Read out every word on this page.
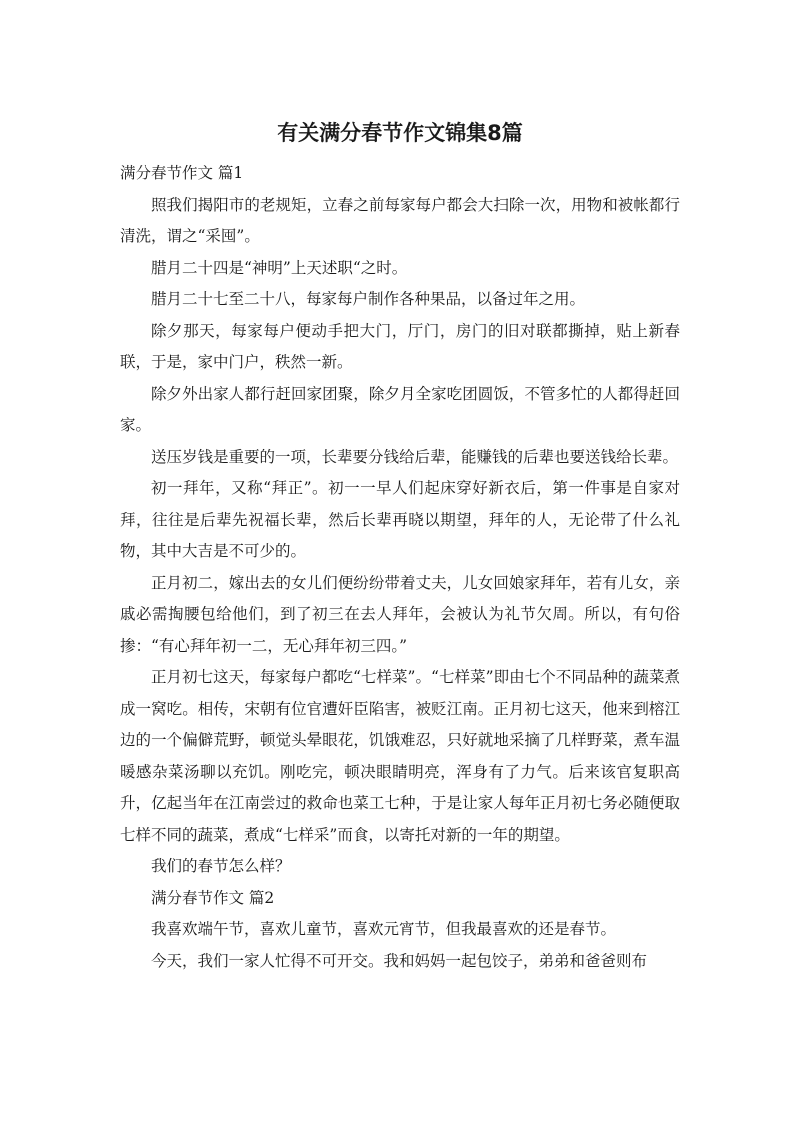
有关满分春节作文锦集8篇

满分春节作文 篇1

照我们揭阳市的老规矩，立春之前每家每户都会大扫除一次，用物和被帐都行清洗，谓之“采囤”。

腊月二十四是“神明”上天述职“之时。

腊月二十七至二十八，每家每户制作各种果品，以备过年之用。

除夕那天，每家每户便动手把大门，厅门，房门的旧对联都撕掉，贴上新春联，于是，家中门户，秩然一新。

除夕外出家人都行赶回家团聚，除夕月全家吃团圆饭，不管多忙的人都得赶回家。

送压岁钱是重要的一项，长辈要分钱给后辈，能赚钱的后辈也要送钱给长辈。

初一拜年，又称“拜正”。初一一早人们起床穿好新衣后，第一件事是自家对拜，往往是后辈先祝福长辈，然后长辈再晓以期望，拜年的人，无论带了什么礼物，其中大吉是不可少的。

正月初二，嫁出去的女儿们便纷纷带着丈夫，儿女回娘家拜年，若有儿女，亲戚必需掏腰包给他们，到了初三在去人拜年，会被认为礼节欠周。所以，有句俗掺：“有心拜年初一二，无心拜年初三四。”

正月初七这天，每家每户都吃“七样菜”。“七样菜”即由七个不同品种的蔬菜煮成一窝吃。相传，宋朝有位官遭奸臣陷害，被贬江南。正月初七这天，他来到榕江边的一个偏僻荒野，顿觉头晕眼花，饥饿难忍，只好就地采摘了几样野菜，煮车温暖感杂菜汤聊以充饥。刚吃完，顿决眼睛明亮，浑身有了力气。后来该官复职高升，亿起当年在江南尝过的救命也菜工七种，于是让家人每年正月初七务必随便取七样不同的蔬菜，煮成“七样采”而食，以寄托对新的一年的期望。

我们的春节怎么样？

满分春节作文 篇2

我喜欢端午节，喜欢儿童节，喜欢元宵节，但我最喜欢的还是春节。

今天，我们一家人忙得不可开交。我和妈妈一起包饺子，弟弟和爸爸则布
